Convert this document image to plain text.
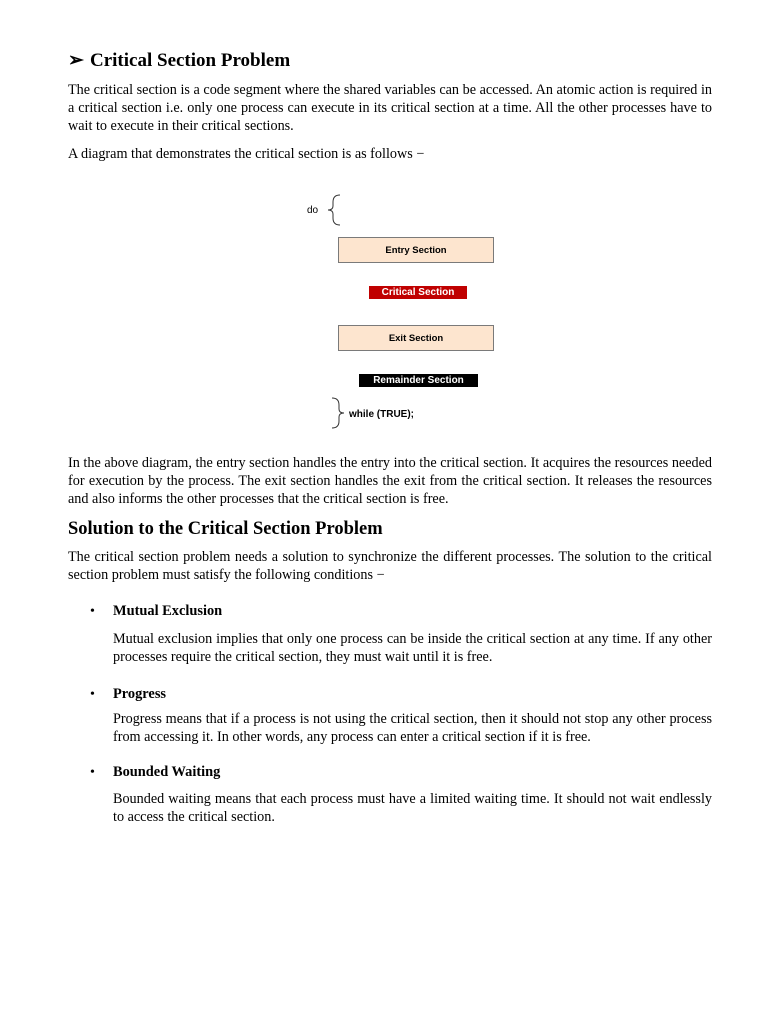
➢ Critical Section Problem

The critical section is a code segment where the shared variables can be accessed. An atomic action is required in a critical section i.e. only one process can execute in its critical section at a time. All the other processes have to wait to execute in their critical sections.

A diagram that demonstrates the critical section is as follows −

do
Entry Section
Critical Section
Exit Section
Remainder Section
while (TRUE);

In the above diagram, the entry section handles the entry into the critical section. It acquires the resources needed for execution by the process. The exit section handles the exit from the critical section. It releases the resources and also informs the other processes that the critical section is free.

Solution to the Critical Section Problem

The critical section problem needs a solution to synchronize the different processes. The solution to the critical section problem must satisfy the following conditions −

• Mutual Exclusion

Mutual exclusion implies that only one process can be inside the critical section at any time. If any other processes require the critical section, they must wait until it is free.

• Progress

Progress means that if a process is not using the critical section, then it should not stop any other process from accessing it. In other words, any process can enter a critical section if it is free.

• Bounded Waiting

Bounded waiting means that each process must have a limited waiting time. It should not wait endlessly to access the critical section.
